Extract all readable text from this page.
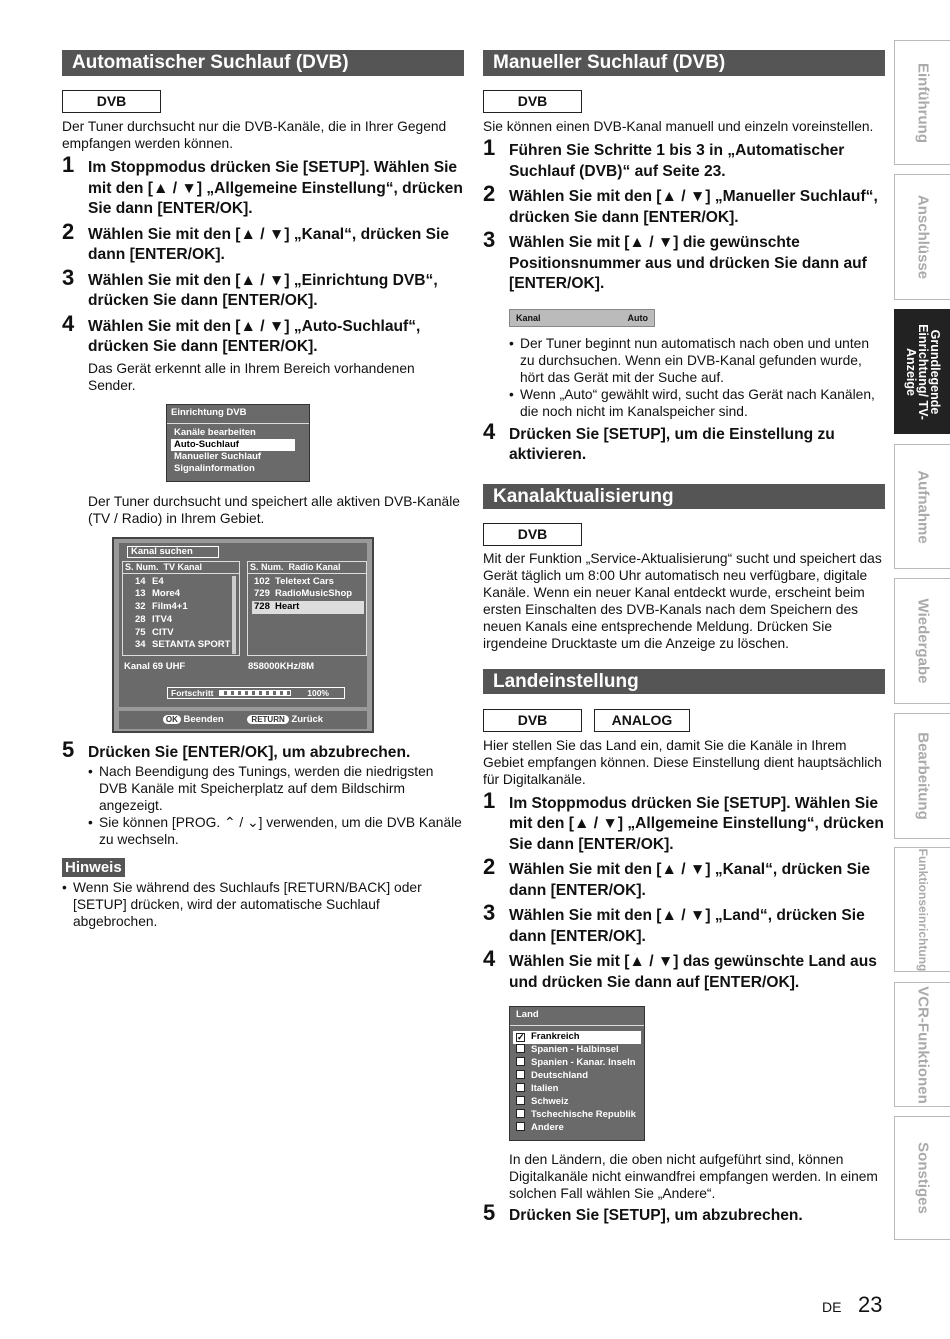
Automatischer Suchlauf (DVB)
DVB

Der Tuner durchsucht nur die DVB-Kanäle, die in Ihrer Gegend empfangen werden können.

1 Im Stoppmodus drücken Sie [SETUP]. Wählen Sie mit den [▲ / ▼] „Allgemeine Einstellung“, drücken Sie dann [ENTER/OK].
2 Wählen Sie mit den [▲ / ▼] „Kanal“, drücken Sie dann [ENTER/OK].
3 Wählen Sie mit den [▲ / ▼] „Einrichtung DVB“, drücken Sie dann [ENTER/OK].
4 Wählen Sie mit den [▲ / ▼] „Auto-Suchlauf“, drücken Sie dann [ENTER/OK].

Das Gerät erkennt alle in Ihrem Bereich vorhandenen Sender.

Einrichtung DVB
Kanäle bearbeiten
Auto-Suchlauf
Manueller Suchlauf
Signalinformation

Der Tuner durchsucht und speichert alle aktiven DVB-Kanäle (TV / Radio) in Ihrem Gebiet.

Kanal suchen
S. Num. TV Kanal
14 E4
13 More4
32 Film4+1
28 ITV4
75 CITV
34 SETANTA SPORT
S. Num. Radio Kanal
102 Teletext Cars
729 RadioMusicShop
728 Heart
Kanal 69 UHF	858000KHz/8M
Fortschritt	100%
OK Beenden	RETURN Zurück
5 Drücken Sie [ENTER/OK], um abzubrechen.
• Nach Beendigung des Tunings, werden die niedrigsten DVB Kanäle mit Speicherplatz auf dem Bildschirm angezeigt.
• Sie können [PROG. ⌃ / ⌄] verwenden, um die DVB Kanäle zu wechseln.
Hinweis
• Wenn Sie während des Suchlaufs [RETURN/BACK] oder [SETUP] drücken, wird der automatische Suchlauf abgebrochen.
Manueller Suchlauf (DVB)
DVB

Sie können einen DVB-Kanal manuell und einzeln voreinstellen.

1 Führen Sie Schritte 1 bis 3 in „Automatischer Suchlauf (DVB)“ auf Seite 23.
2 Wählen Sie mit den [▲ / ▼] „Manueller Suchlauf“, drücken Sie dann [ENTER/OK].
3 Wählen Sie mit [▲ / ▼] die gewünschte Positionsnummer aus und drücken Sie dann auf [ENTER/OK].
Kanal	Auto
• Der Tuner beginnt nun automatisch nach oben und unten zu durchsuchen. Wenn ein DVB-Kanal gefunden wurde, hört das Gerät mit der Suche auf.
• Wenn „Auto“ gewählt wird, sucht das Gerät nach Kanälen, die noch nicht im Kanalspeicher sind.
4 Drücken Sie [SETUP], um die Einstellung zu aktivieren.
Kanalaktualisierung
DVB

Mit der Funktion „Service-Aktualisierung“ sucht und speichert das Gerät täglich um 8:00 Uhr automatisch neu verfügbare, digitale Kanäle. Wenn ein neuer Kanal entdeckt wurde, erscheint beim ersten Einschalten des DVB-Kanals nach dem Speichern des neuen Kanals eine entsprechende Meldung. Drücken Sie irgendeine Drucktaste um die Anzeige zu löschen.

Landeinstellung
DVB	ANALOG

Hier stellen Sie das Land ein, damit Sie die Kanäle in Ihrem Gebiet empfangen können. Diese Einstellung dient hauptsächlich für Digitalkanäle.

1 Im Stoppmodus drücken Sie [SETUP]. Wählen Sie mit den [▲ / ▼] „Allgemeine Einstellung“, drücken Sie dann [ENTER/OK].
2 Wählen Sie mit den [▲ / ▼] „Kanal“, drücken Sie dann [ENTER/OK].
3 Wählen Sie mit den [▲ / ▼] „Land“, drücken Sie dann [ENTER/OK].
4 Wählen Sie mit [▲ / ▼] das gewünschte Land aus und drücken Sie dann auf [ENTER/OK].
Land
✓ Frankreich
Spanien - Halbinsel
Spanien - Kanar. Inseln
Deutschland
Italien
Schweiz
Tschechische Republik
Andere

In den Ländern, die oben nicht aufgeführt sind, können Digitalkanäle nicht einwandfrei empfangen werden. In einem solchen Fall wählen Sie „Andere“.

5 Drücken Sie [SETUP], um abzubrechen.
Einführung
Anschlüsse
Grundlegende Einrichtung/ TV-Anzeige
Aufnahme
Wiedergabe
Bearbeitung
Funktionseinrichtung
VCR-Funktionen
Sonstiges
DE 23
